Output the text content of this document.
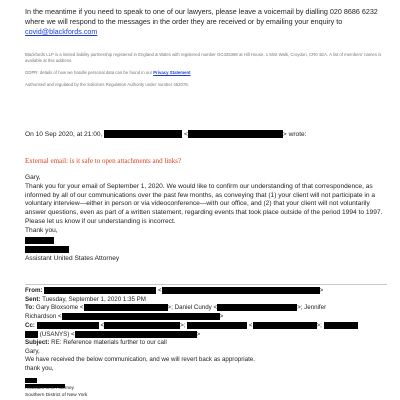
In the meantime if you need to speak to one of our lawyers, please leave a voicemail by dialling 020 8686 6232 where we will respond to the messages in the order they are received or by emailing your enquiry to covid@blackfords.com
Blackfords LLP is a limited liability partnership registered in England & Wales with registered number OC325398 at Hill House, 1 Mint Walk, Croydon, CR0 1EA. A list of members' names is available at this address.
GDPR: details of how we handle personal data can be found in our Privacy Statement
Authorised and regulated by the Solicitors Regulation Authority under number 462078.
On 10 Sep 2020, at 21:00,	<	> wrote:
External email: is it safe to open attachments and links?

Gary,

Thank you for your email of September 1, 2020. We would like to confirm our understanding of that correspondence, as informed by all of our communications over the past few months, as conveying that (1) your client will not participate in a voluntary interview—either in person or via videoconference—with our office, and (2) that your client will not voluntarily answer questions, even as part of a written statement, regarding events that took place outside of the period 1994 to 1997. Please let us know if our understanding is incorrect.

Thank you,

Assistant United States Attorney

From:	<	>
Sent: Tuesday, September 1, 2020 1:35 PM
To: Gary Bloxsome <	>; Daniel Cundy <	>; Jennifer
Richardson <	>
Cc:	<	>;	<	>;
(USANYS) <	>
Subject: RE: Reference materials further to our call
Gary,
We have received the below communication, and we will revert back as appropriate.
thank you,
Assistant U.S. Attorney
Southern District of New York
